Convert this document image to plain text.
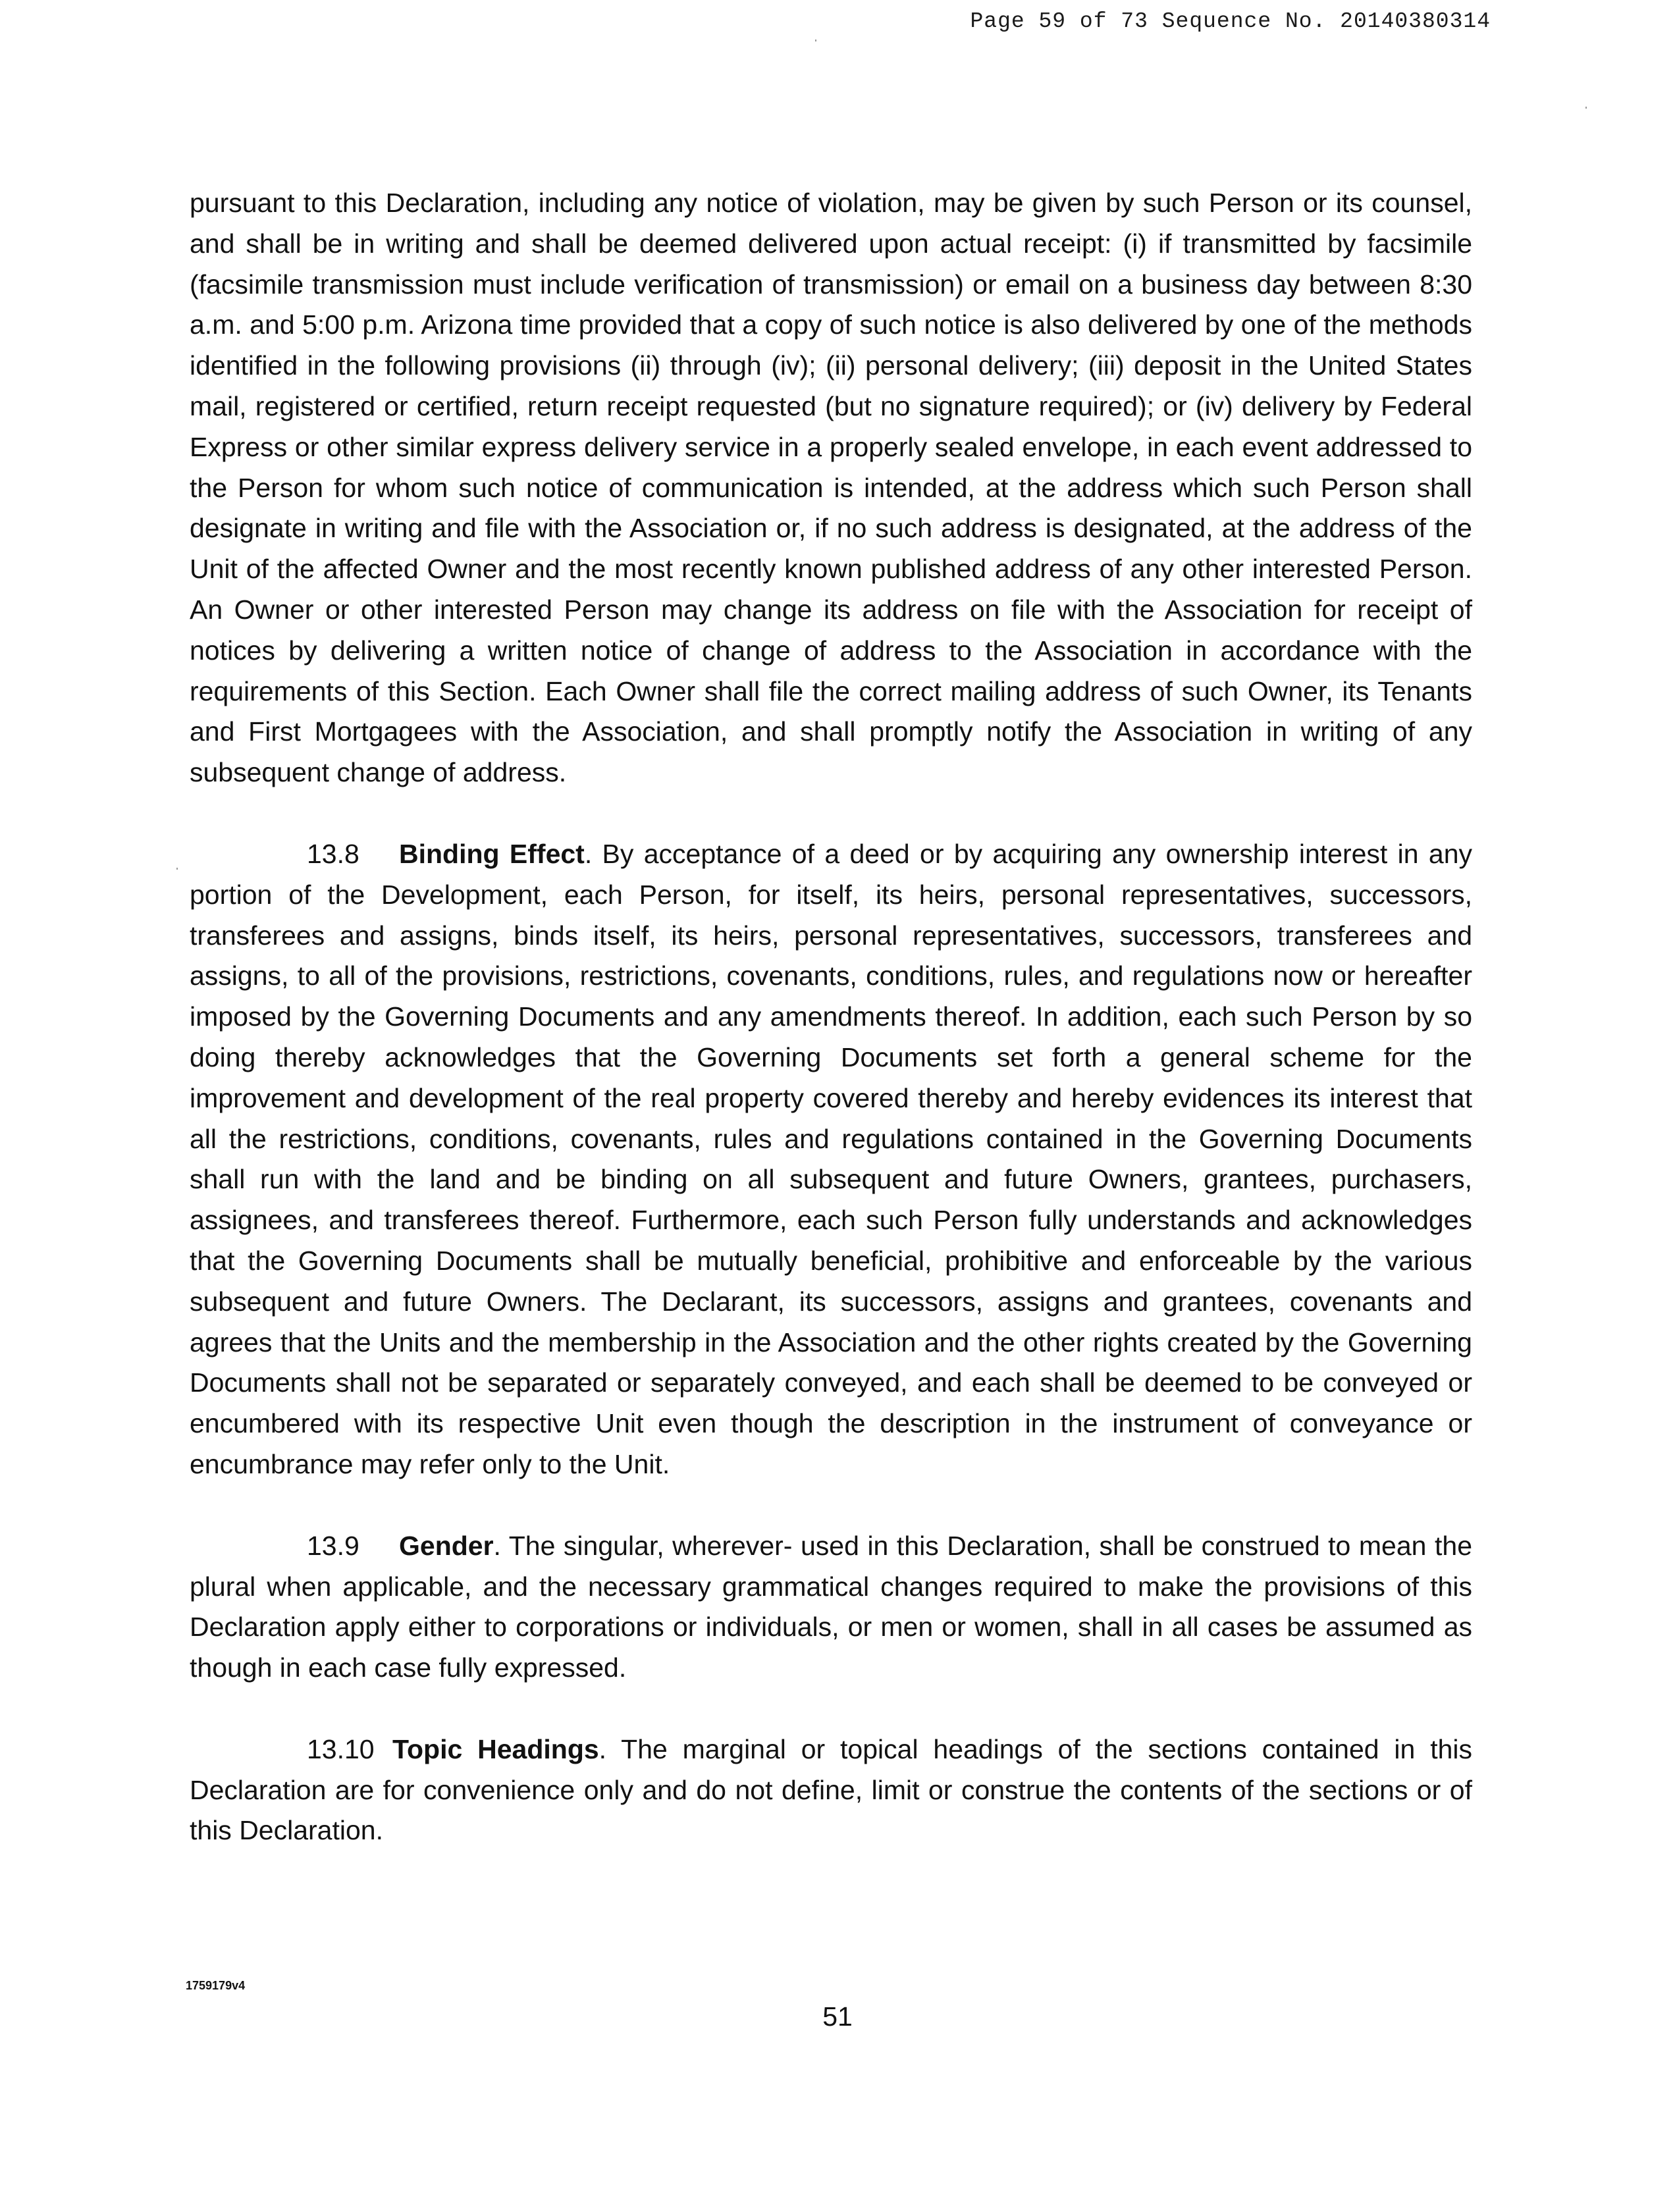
Page 59 of 73 Sequence No. 20140380314

pursuant to this Declaration, including any notice of violation, may be given by such Person or its counsel, and shall be in writing and shall be deemed delivered upon actual receipt: (i) if transmitted by facsimile (facsimile transmission must include verification of transmission) or email on a business day between 8:30 a.m. and 5:00 p.m. Arizona time provided that a copy of such notice is also delivered by one of the methods identified in the following provisions (ii) through (iv); (ii) personal delivery; (iii) deposit in the United States mail, registered or certified, return receipt requested (but no signature required); or (iv) delivery by Federal Express or other similar express delivery service in a properly sealed envelope, in each event addressed to the Person for whom such notice of communication is intended, at the address which such Person shall designate in writing and file with the Association or, if no such address is designated, at the address of the Unit of the affected Owner and the most recently known published address of any other interested Person. An Owner or other interested Person may change its address on file with the Association for receipt of notices by delivering a written notice of change of address to the Association in accordance with the requirements of this Section. Each Owner shall file the correct mailing address of such Owner, its Tenants and First Mortgagees with the Association, and shall promptly notify the Association in writing of any subsequent change of address.

13.8 Binding Effect. By acceptance of a deed or by acquiring any ownership interest in any portion of the Development, each Person, for itself, its heirs, personal representatives, successors, transferees and assigns, binds itself, its heirs, personal representatives, successors, transferees and assigns, to all of the provisions, restrictions, covenants, conditions, rules, and regulations now or hereafter imposed by the Governing Documents and any amendments thereof. In addition, each such Person by so doing thereby acknowledges that the Governing Documents set forth a general scheme for the improvement and development of the real property covered thereby and hereby evidences its interest that all the restrictions, conditions, covenants, rules and regulations contained in the Governing Documents shall run with the land and be binding on all subsequent and future Owners, grantees, purchasers, assignees, and transferees thereof. Furthermore, each such Person fully understands and acknowledges that the Governing Documents shall be mutually beneficial, prohibitive and enforceable by the various subsequent and future Owners. The Declarant, its successors, assigns and grantees, covenants and agrees that the Units and the membership in the Association and the other rights created by the Governing Documents shall not be separated or separately conveyed, and each shall be deemed to be conveyed or encumbered with its respective Unit even though the description in the instrument of conveyance or encumbrance may refer only to the Unit.

13.9 Gender. The singular, wherever- used in this Declaration, shall be construed to mean the plural when applicable, and the necessary grammatical changes required to make the provisions of this Declaration apply either to corporations or individuals, or men or women, shall in all cases be assumed as though in each case fully expressed.

13.10 Topic Headings. The marginal or topical headings of the sections contained in this Declaration are for convenience only and do not define, limit or construe the contents of the sections or of this Declaration.

1759179v4
51
